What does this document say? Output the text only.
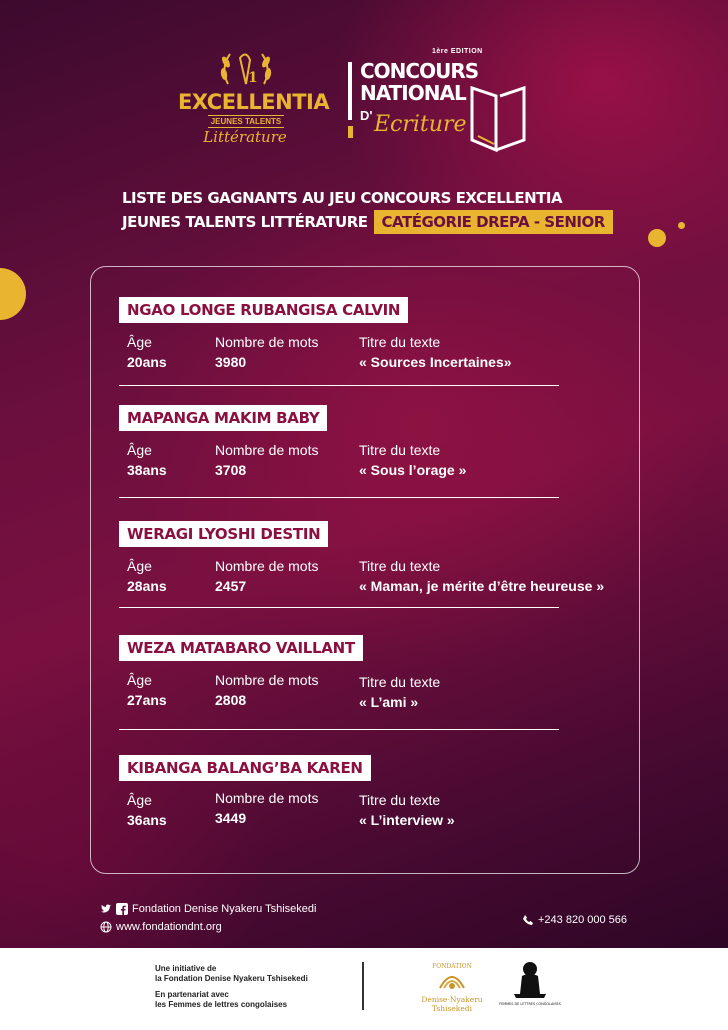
1
EXCELLENTIA
JEUNES TALENTS
Littérature
1ère EDITION
CONCOURS
NATIONAL
D' Ecriture
LISTE DES GAGNANTS AU JEU CONCOURS EXCELLENTIA
JEUNES TALENTS LITTÉRATURE CATÉGORIE DREPA - SENIOR
NGAO LONGE RUBANGISA CALVIN
Âge
20ans
Nombre de mots
3980
Titre du texte
« Sources Incertaines»
MAPANGA MAKIM BABY
Âge
38ans
Nombre de mots
3708
Titre du texte
« Sous l’orage »
WERAGI LYOSHI DESTIN
Âge
28ans
Nombre de mots
2457
Titre du texte
« Maman, je mérite d’être heureuse »
WEZA MATABARO VAILLANT
Âge
27ans
Nombre de mots
2808
Titre du texte
« L’ami »
KIBANGA BALANG’BA KAREN
Âge
36ans
Nombre de mots
3449
Titre du texte
« L’interview »
Fondation Denise Nyakeru Tshisekedi
www.fondationdnt.org
+243 820 000 566
Une initiative de
la Fondation Denise Nyakeru Tshisekedi
En partenariat avec
les Femmes de lettres congolaises
FONDATION
Denise-Nyakeru
Tshisekedi	FEMMES DE LETTRES CONGOLAISES
